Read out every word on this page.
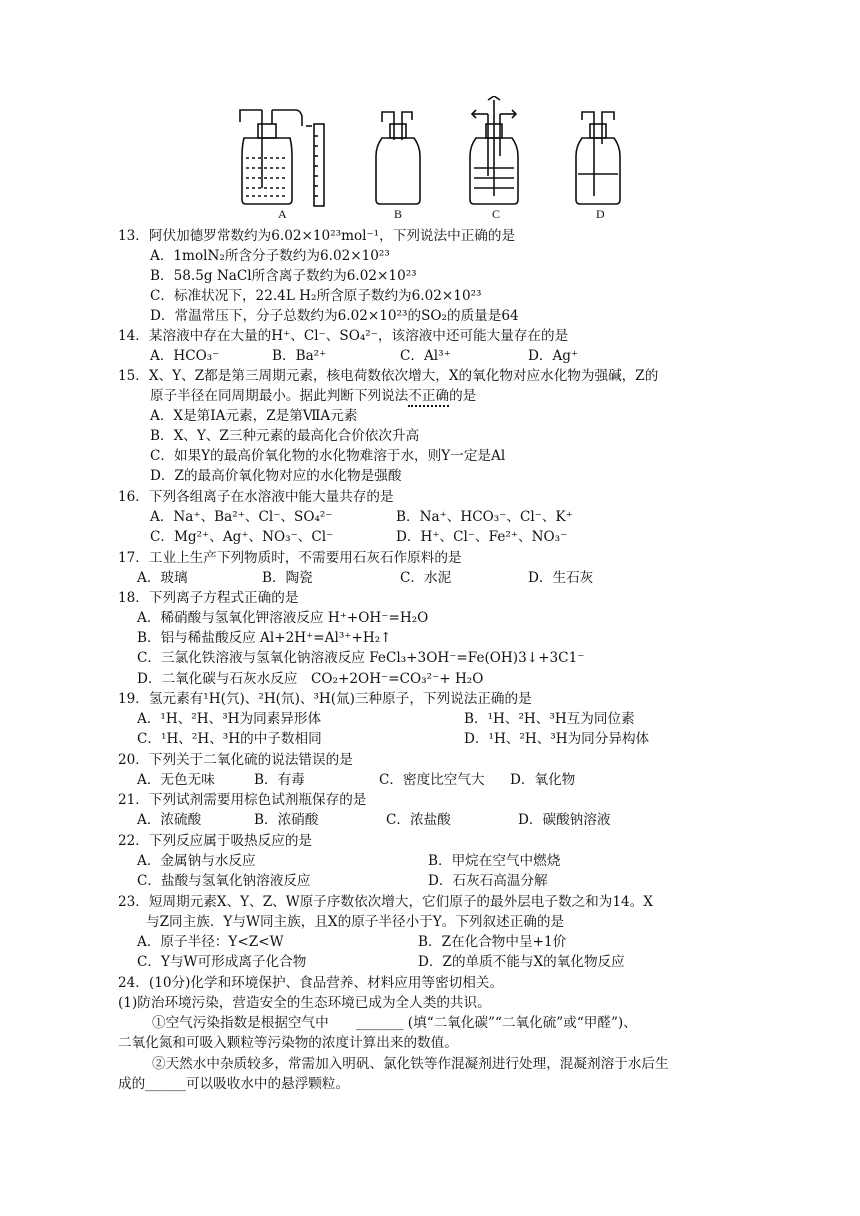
A	B	C	D
13．阿伏加德罗常数约为6.02×10²³mol⁻¹，下列说法中正确的是
A．1molN₂所含分子数约为6.02×10²³
B．58.5g NaCl所含离子数约为6.02×10²³
C．标准状况下，22.4L H₂所含原子数约为6.02×10²³
D．常温常压下，分子总数约为6.02×10²³的SO₂的质量是64
14．某溶液中存在大量的H⁺、Cl⁻、SO₄²⁻，该溶液中还可能大量存在的是
A．HCO₃⁻	B．Ba²⁺	C．Al³⁺	D．Ag⁺
15．X、Y、Z都是第三周期元素，核电荷数依次增大，X的氧化物对应水化物为强碱，Z的
原子半径在同周期最小。据此判断下列说法不正确的是
A．X是第IA元素，Z是第ⅦA元素
B．X、Y、Z三种元素的最高化合价依次升高
C．如果Y的最高价氧化物的水化物难溶于水，则Y一定是Al
D．Z的最高价氧化物对应的水化物是强酸
16．下列各组离子在水溶液中能大量共存的是
A．Na⁺、Ba²⁺、Cl⁻、SO₄²⁻	B．Na⁺、HCO₃⁻、Cl⁻、K⁺
C．Mg²⁺、Ag⁺、NO₃⁻、Cl⁻	D．H⁺、Cl⁻、Fe²⁺、NO₃⁻
17．工业上生产下列物质时，不需要用石灰石作原料的是
A．玻璃	B．陶瓷	C．水泥	D．生石灰
18．下列离子方程式正确的是
A．稀硝酸与氢氧化钾溶液反应 H⁺+OH⁻=H₂O
B．铝与稀盐酸反应 Al+2H⁺=Al³⁺+H₂↑
C．三氯化铁溶液与氢氧化钠溶液反应 FeCl₃+3OH⁻=Fe(OH)3↓+3C1⁻
D．二氧化碳与石灰水反应　CO₂+2OH⁻=CO₃²⁻+ H₂O
19．氢元素有¹H(氕)、²H(氘)、³H(氚)三种原子，下列说法正确的是
A．¹H、²H、³H为同素异形体	B．¹H、²H、³H互为同位素
C．¹H、²H、³H的中子数相同	D．¹H、²H、³H为同分异构体
20．下列关于二氧化硫的说法错误的是
A．无色无味	B．有毒	C．密度比空气大 D．氧化物
21．下列试剂需要用棕色试剂瓶保存的是
A．浓硫酸	B．浓硝酸	C．浓盐酸	D．碳酸钠溶液
22．下列反应属于吸热反应的是
A．金属钠与水反应	B．甲烷在空气中燃烧
C．盐酸与氢氧化钠溶液反应	D．石灰石高温分解
23．短周期元素X、Y、Z、W原子序数依次增大，它们原子的最外层电子数之和为14。X
与Z同主族．Y与W同主族，且X的原子半径小于Y。下列叙述正确的是
A．原子半径：Y<Z<W	B．Z在化合物中呈+1价
C．Y与W可形成离子化合物	D．Z的单质不能与X的氧化物反应
24．(10分)化学和环境保护、食品营养、材料应用等密切相关。
(1)防治环境污染，营造安全的生态环境已成为全人类的共识。
①空气污染指数是根据空气中　　_______ (填“二氧化碳”“二氧化硫”或“甲醛”)、
二氧化氮和可吸入颗粒等污染物的浓度计算出来的数值。
②天然水中杂质较多，常需加入明矾、氯化铁等作混凝剂进行处理，混凝剂溶于水后生
成的______可以吸收水中的悬浮颗粒。
